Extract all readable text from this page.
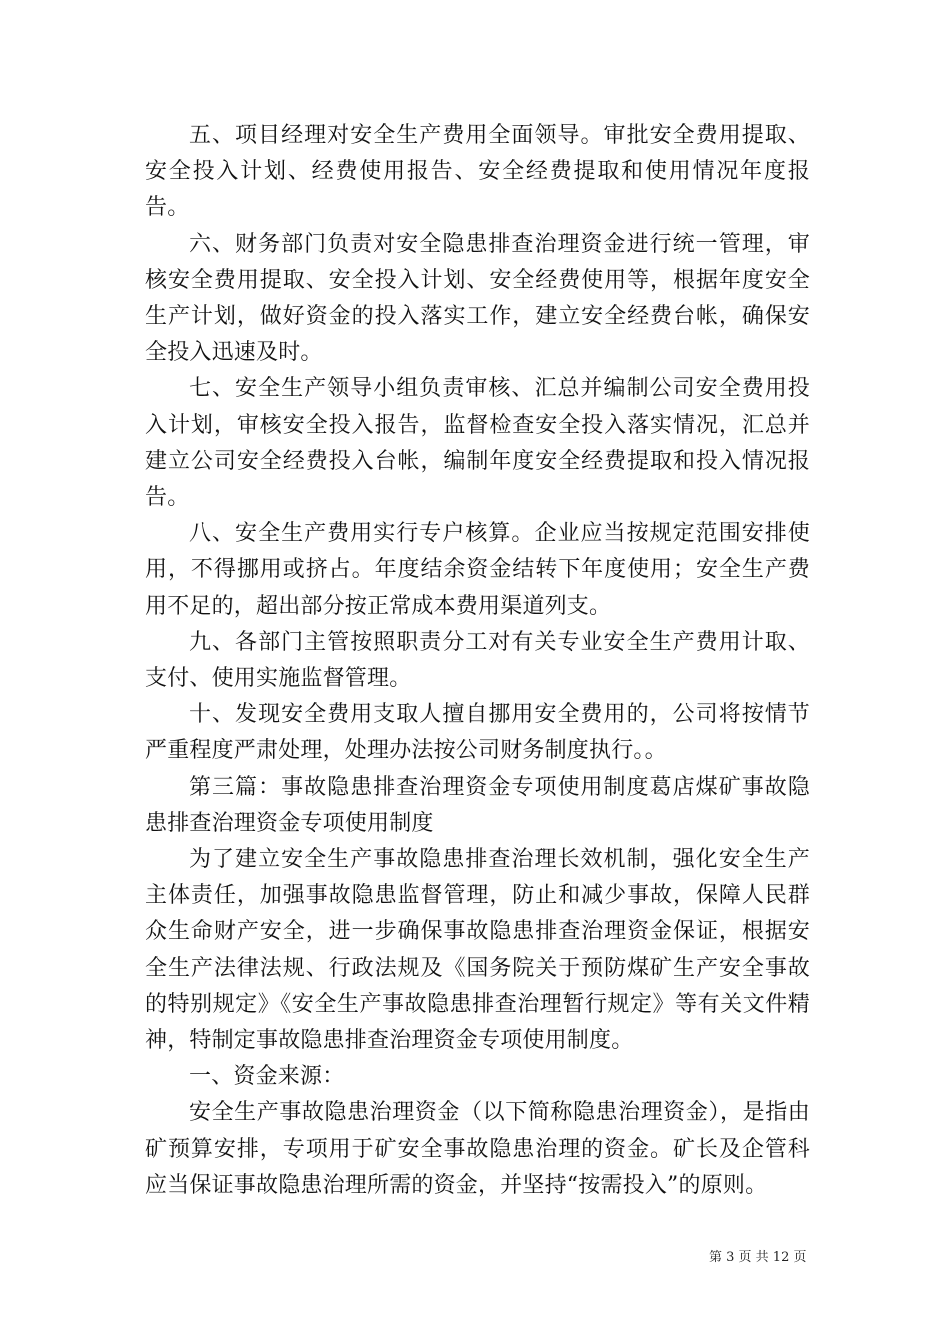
五、项目经理对安全生产费用全面领导。审批安全费用提取、安全投入计划、经费使用报告、安全经费提取和使用情况年度报告。

六、财务部门负责对安全隐患排查治理资金进行统一管理，审核安全费用提取、安全投入计划、安全经费使用等，根据年度安全生产计划，做好资金的投入落实工作，建立安全经费台帐，确保安全投入迅速及时。

七、安全生产领导小组负责审核、汇总并编制公司安全费用投入计划，审核安全投入报告，监督检查安全投入落实情况，汇总并建立公司安全经费投入台帐，编制年度安全经费提取和投入情况报告。

八、安全生产费用实行专户核算。企业应当按规定范围安排使用，不得挪用或挤占。年度结余资金结转下年度使用；安全生产费用不足的，超出部分按正常成本费用渠道列支。

九、各部门主管按照职责分工对有关专业安全生产费用计取、支付、使用实施监督管理。

十、发现安全费用支取人擅自挪用安全费用的，公司将按情节严重程度严肃处理，处理办法按公司财务制度执行。。

第三篇：事故隐患排查治理资金专项使用制度葛店煤矿事故隐患排查治理资金专项使用制度

为了建立安全生产事故隐患排查治理长效机制，强化安全生产主体责任，加强事故隐患监督管理，防止和减少事故，保障人民群众生命财产安全，进一步确保事故隐患排查治理资金保证，根据安全生产法律法规、行政法规及《国务院关于预防煤矿生产安全事故的特别规定》《安全生产事故隐患排查治理暂行规定》等有关文件精神，特制定事故隐患排查治理资金专项使用制度。

一、资金来源：

安全生产事故隐患治理资金（以下简称隐患治理资金），是指由矿预算安排，专项用于矿安全事故隐患治理的资金。矿长及企管科应当保证事故隐患治理所需的资金，并坚持“按需投入”的原则。

第 3 页 共 12 页
